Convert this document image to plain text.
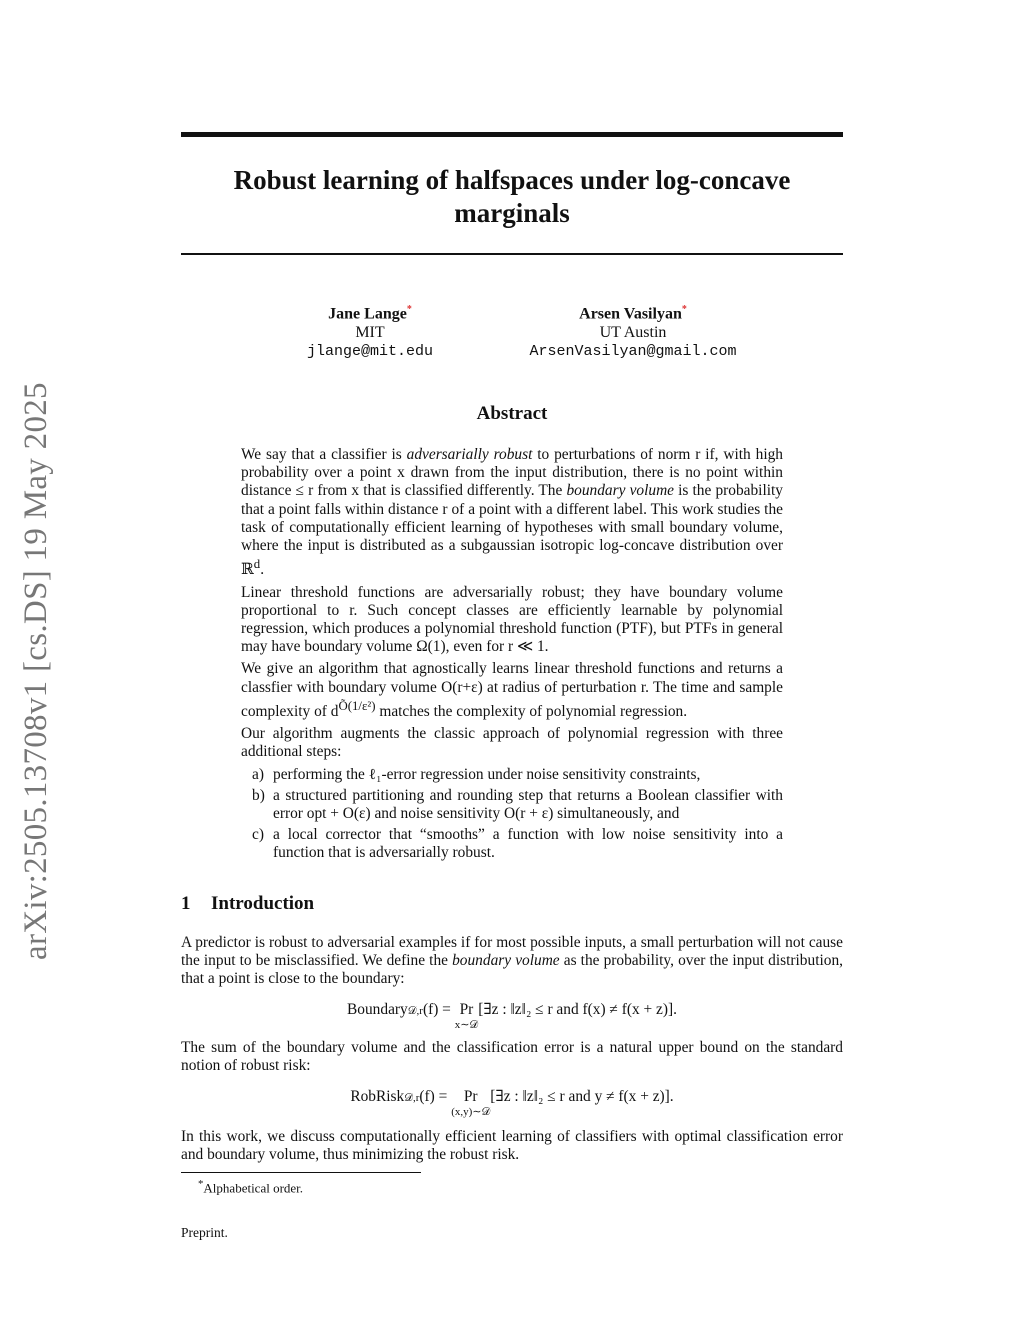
arXiv:2505.13708v1 [cs.DS] 19 May 2025
Robust learning of halfspaces under log-concave
marginals
Jane Lange*
MIT
jlange@mit.edu
Arsen Vasilyan*
UT Austin
ArsenVasilyan@gmail.com
Abstract

We say that a classifier is adversarially robust to perturbations of norm r if, with high probability over a point x drawn from the input distribution, there is no point within distance ≤ r from x that is classified differently. The boundary volume is the probability that a point falls within distance r of a point with a different label. This work studies the task of computationally efficient learning of hypotheses with small boundary volume, where the input is distributed as a subgaussian isotropic log-concave distribution over ℝ$^d$.

Linear threshold functions are adversarially robust; they have boundary volume proportional to r. Such concept classes are efficiently learnable by polynomial regression, which produces a polynomial threshold function (PTF), but PTFs in general may have boundary volume Ω(1), even for r ≪ 1.

We give an algorithm that agnostically learns linear threshold functions and returns a classfier with boundary volume O(r+ε) at radius of perturbation r. The time and sample complexity of $d^{Õ(1/\varepsilon^2)}$ matches the complexity of polynomial regression.

Our algorithm augments the classic approach of polynomial regression with three additional steps:

a) performing the ℓ₁-error regression under noise sensitivity constraints,
b) a structured partitioning and rounding step that returns a Boolean classifier with error opt + O(ε) and noise sensitivity O(r + ε) simultaneously, and
c) a local corrector that “smooths” a function with low noise sensitivity into a function that is adversarially robust.
1 Introduction
A predictor is robust to adversarial examples if for most possible inputs, a small perturbation will not cause the input to be misclassified. We define the boundary volume as the probability, over the input distribution, that a point is close to the boundary:
Boundary𝒟,r(f) = Pr
x∼𝒟
[∃z : ‖z‖₂ ≤ r and f(x) ≠ f(x + z)].
The sum of the boundary volume and the classification error is a natural upper bound on the standard notion of robust risk:
RobRisk𝒟,r(f) = Pr
(x,y)∼𝒟
[∃z : ‖z‖₂ ≤ r and y ≠ f(x + z)].
In this work, we discuss computationally efficient learning of classifiers with optimal classification error and boundary volume, thus minimizing the robust risk.
*Alphabetical order.
Preprint.
